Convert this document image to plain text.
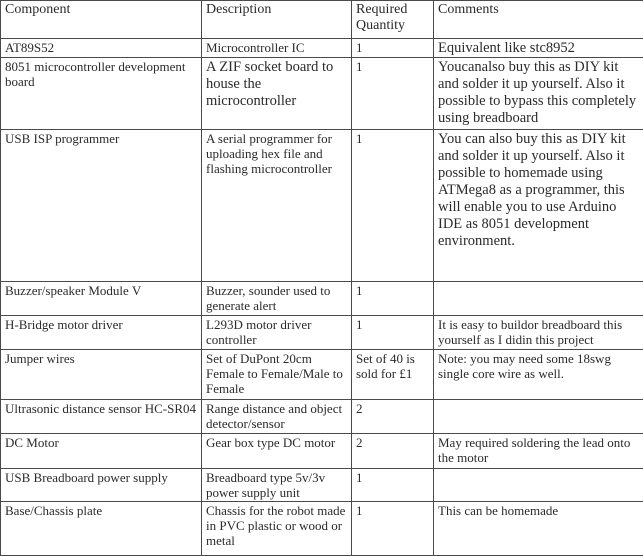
Component	Description	Required Quantity	Comments
AT89S52	Microcontroller IC	1	Equivalent like stc8952
8051 microcontroller development board	A ZIF socket board to house the microcontroller	1	Youcanalso buy this as DIY kit and solder it up yourself. Also it possible to bypass this completely using breadboard
USB ISP programmer	A serial programmer for uploading hex file and flashing microcontroller	1	You can also buy this as DIY kit and solder it up yourself. Also it possible to homemade using ATMega8 as a programmer, this will enable you to use Arduino IDE as 8051 development environment.
Buzzer/speaker Module V	Buzzer, sounder used to generate alert	1	
H-Bridge motor driver	L293D motor driver controller	1	It is easy to buildor breadboard this yourself as I didin this project
Jumper wires	Set of DuPont 20cm Female to Female/Male to Female	Set of 40 is sold for £1	Note: you may need some 18swg single core wire as well.
Ultrasonic distance sensor HC-SR04	Range distance and object detector/sensor	2	
DC Motor	Gear box type DC motor	2	May required soldering the lead onto the motor
USB Breadboard power supply	Breadboard type 5v/3v power supply unit	1	
Base/Chassis plate	Chassis for the robot made in PVC plastic or wood or metal	1	This can be homemade
